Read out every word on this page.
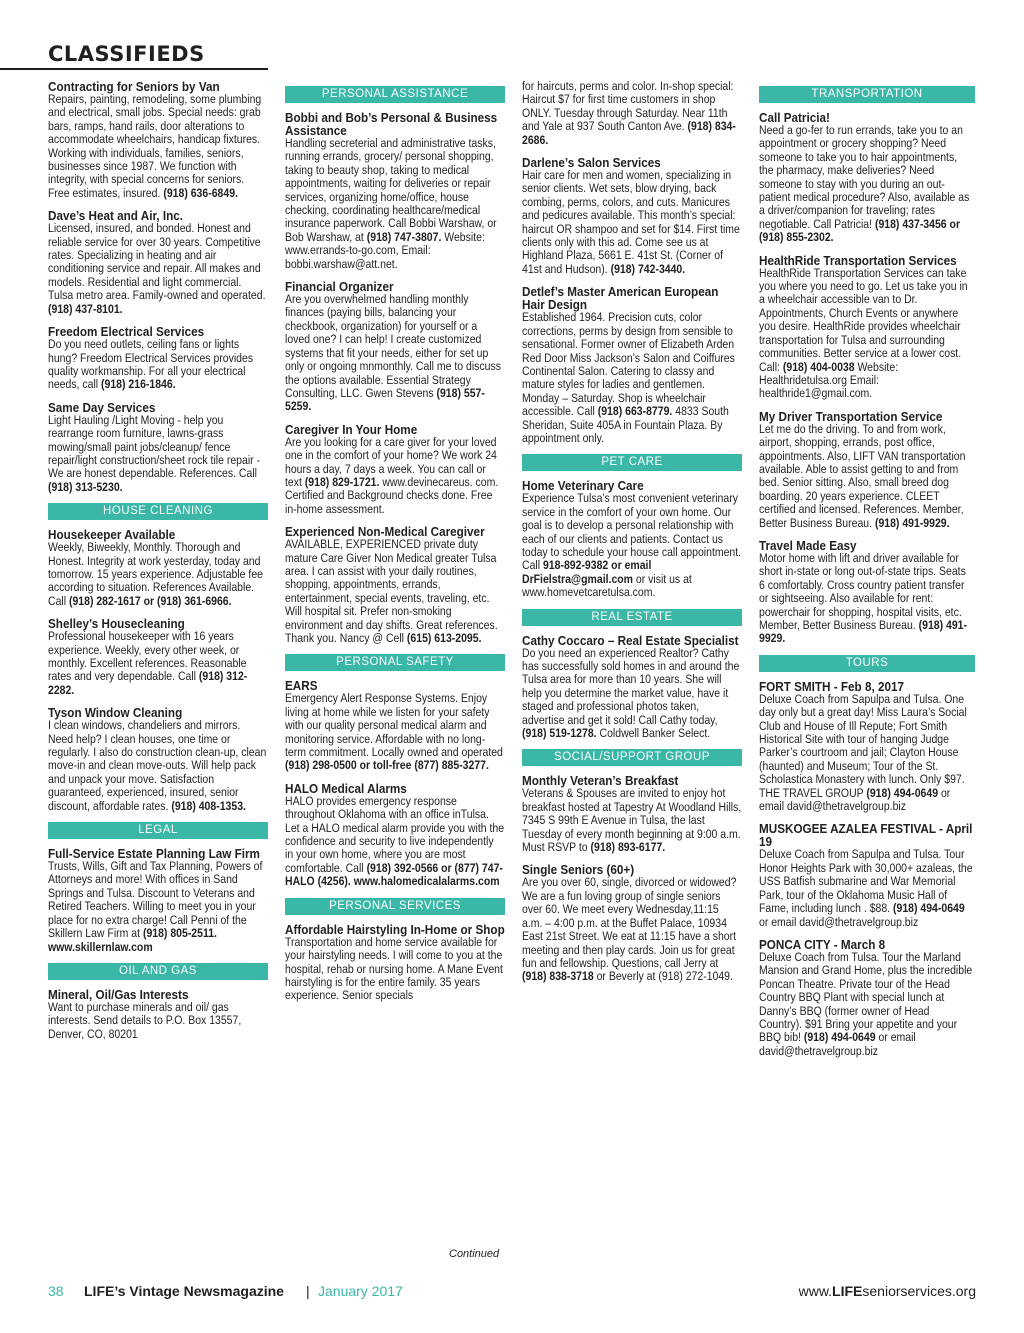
CLASSIFIEDS
Contracting for Seniors by Van
Repairs, painting, remodeling, some plumbing and electrical, small jobs. Special needs: grab bars, ramps, hand rails, door alterations to accommodate wheelchairs, handicap fixtures. Working with individuals, families, seniors, businesses since 1987. We function with integrity, with special concerns for seniors. Free estimates, insured. (918) 636-6849.
Dave’s Heat and Air, Inc.
Licensed, insured, and bonded. Honest and reliable service for over 30 years. Competitive rates. Specializing in heating and air conditioning service and repair. All makes and models. Residential and light commercial. Tulsa metro area. Family-owned and operated. (918) 437-8101.
Freedom Electrical Services
Do you need outlets, ceiling fans or lights hung? Freedom Electrical Services provides quality workmanship. For all your electrical needs, call (918) 216-1846.
Same Day Services
Light Hauling /Light Moving - help you rearrange room furniture, lawns-grass mowing/small paint jobs/cleanup/ fence repair/light construction/sheet rock tile repair - We are honest dependable. References. Call (918) 313-5230.
HOUSE CLEANING
Housekeeper Available
Weekly, Biweekly, Monthly. Thorough and Honest. Integrity at work yesterday, today and tomorrow. 15 years experience. Adjustable fee according to situation. References Available. Call (918) 282-1617 or (918) 361-6966.
Shelley’s Housecleaning
Professional housekeeper with 16 years experience. Weekly, every other week, or monthly. Excellent references. Reasonable rates and very dependable. Call (918) 312-2282.
Tyson Window Cleaning
I clean windows, chandeliers and mirrors. Need help? I clean houses, one time or regularly. I also do construction clean-up, clean move-in and clean move-outs. Will help pack and unpack your move. Satisfaction guaranteed, experienced, insured, senior discount, affordable rates. (918) 408-1353.
LEGAL
Full-Service Estate Planning Law Firm
Trusts, Wills, Gift and Tax Planning, Powers of Attorneys and more! With offices in Sand Springs and Tulsa. Discount to Veterans and Retired Teachers. Willing to meet you in your place for no extra charge! Call Penni of the Skillern Law Firm at (918) 805-2511. www.skillernlaw.com
OIL AND GAS
Mineral, Oil/Gas Interests
Want to purchase minerals and oil/ gas interests. Send details to P.O. Box 13557, Denver, CO, 80201
PERSONAL ASSISTANCE
Bobbi and Bob’s Personal & Business Assistance
Handling secreterial and administrative tasks, running errands, grocery/ personal shopping, taking to beauty shop, taking to medical appointments, waiting for deliveries or repair services, organizing home/office, house checking, coordinating healthcare/medical insurance paperwork. Call Bobbi Warshaw, or Bob Warshaw, at (918) 747-3807. Website: www.errands-to-go.com, Email: bobbi.warshaw@att.net.
Financial Organizer
Are you overwhelmed handling monthly finances (paying bills, balancing your checkbook, organization) for yourself or a loved one? I can help! I create customized systems that fit your needs, either for set up only or ongoing mnmonthly. Call me to discuss the options available. Essential Strategy Consulting, LLC. Gwen Stevens (918) 557-5259.
Caregiver In Your Home
Are you looking for a care giver for your loved one in the comfort of your home? We work 24 hours a day, 7 days a week. You can call or text (918) 829-1721. www.devinecareus. com. Certified and Background checks done. Free in-home assessment.
Experienced Non-Medical Caregiver
AVAILABLE, EXPERIENCED private duty mature Care Giver Non Medical greater Tulsa area. I can assist with your daily routines, shopping, appointments, errands, entertainment, special events, traveling, etc. Will hospital sit. Prefer non-smoking environment and day shifts. Great references. Thank you. Nancy @ Cell (615) 613-2095.
PERSONAL SAFETY
EARS
Emergency Alert Response Systems. Enjoy living at home while we listen for your safety with our quality personal medical alarm and monitoring service. Affordable with no long-term commitment. Locally owned and operated (918) 298-0500 or toll-free (877) 885-3277.
HALO Medical Alarms
HALO provides emergency response throughout Oklahoma with an office inTulsa. Let a HALO medical alarm provide you with the confidence and security to live independently in your own home, where you are most comfortable. Call (918) 392-0566 or (877) 747-HALO (4256). www.halomedicalalarms.com
PERSONAL SERVICES
Affordable Hairstyling In-Home or Shop
Transportation and home service available for your hairstyling needs. I will come to you at the hospital, rehab or nursing home. A Mane Event hairstyling is for the entire family. 35 years experience. Senior specials
for haircuts, perms and color. In-shop special: Haircut $7 for first time customers in shop ONLY. Tuesday through Saturday. Near 11th and Yale at 937 South Canton Ave. (918) 834-2686.
Darlene’s Salon Services
Hair care for men and women, specializing in senior clients. Wet sets, blow drying, back combing, perms, colors, and cuts. Manicures and pedicures available. This month’s special: haircut OR shampoo and set for $14. First time clients only with this ad. Come see us at Highland Plaza, 5661 E. 41st St. (Corner of 41st and Hudson). (918) 742-3440.
Detlef’s Master American European Hair Design
Established 1964. Precision cuts, color corrections, perms by design from sensible to sensational. Former owner of Elizabeth Arden Red Door Miss Jackson’s Salon and Coiffures Continental Salon. Catering to classy and mature styles for ladies and gentlemen. Monday – Saturday. Shop is wheelchair accessible. Call (918) 663-8779. 4833 South Sheridan, Suite 405A in Fountain Plaza. By appointment only.
PET CARE
Home Veterinary Care
Experience Tulsa’s most convenient veterinary service in the comfort of your own home. Our goal is to develop a personal relationship with each of our clients and patients. Contact us today to schedule your house call appointment. Call 918-892-9382 or email DrFielstra@gmail.com or visit us at www.homevetcaretulsa.com.
REAL ESTATE
Cathy Coccaro – Real Estate Specialist
Do you need an experienced Realtor? Cathy has successfully sold homes in and around the Tulsa area for more than 10 years. She will help you determine the market value, have it staged and professional photos taken, advertise and get it sold! Call Cathy today, (918) 519-1278. Coldwell Banker Select.
SOCIAL/SUPPORT GROUP
Monthly Veteran’s Breakfast
Veterans & Spouses are invited to enjoy hot breakfast hosted at Tapestry At Woodland Hills, 7345 S 99th E Avenue in Tulsa, the last Tuesday of every month beginning at 9:00 a.m. Must RSVP to (918) 893-6177.
Single Seniors (60+)
Are you over 60, single, divorced or widowed? We are a fun loving group of single seniors over 60. We meet every Wednesday,11:15 a.m. – 4:00 p.m. at the Buffet Palace, 10934 East 21st Street. We eat at 11:15 have a short meeting and then play cards. Join us for great fun and fellowship. Questions, call Jerry at (918) 838-3718 or Beverly at (918) 272-1049.
TRANSPORTATION
Call Patricia!
Need a go-fer to run errands, take you to an appointment or grocery shopping? Need someone to take you to hair appointments, the pharmacy, make deliveries? Need someone to stay with you during an out-patient medical procedure? Also, available as a driver/companion for traveling; rates negotiable. Call Patricia! (918) 437-3456 or (918) 855-2302.
HealthRide Transportation Services
HealthRide Transportation Services can take you where you need to go. Let us take you in a wheelchair accessible van to Dr. Appointments, Church Events or anywhere you desire. HealthRide provides wheelchair transportation for Tulsa and surrounding communities. Better service at a lower cost. Call: (918) 404-0038 Website: Healthridetulsa.org Email: healthride1@gmail.com.
My Driver Transportation Service
Let me do the driving. To and from work, airport, shopping, errands, post office, appointments. Also, LIFT VAN transportation available. Able to assist getting to and from bed. Senior sitting. Also, small breed dog boarding. 20 years experience. CLEET certified and licensed. References. Member, Better Business Bureau. (918) 491-9929.
Travel Made Easy
Motor home with lift and driver available for short in-state or long out-of-state trips. Seats 6 comfortably. Cross country patient transfer or sightseeing. Also available for rent: powerchair for shopping, hospital visits, etc. Member, Better Business Bureau. (918) 491-9929.
TOURS
FORT SMITH - Feb 8, 2017
Deluxe Coach from Sapulpa and Tulsa. One day only but a great day! Miss Laura’s Social Club and House of Ill Repute; Fort Smith Historical Site with tour of hanging Judge Parker’s courtroom and jail; Clayton House (haunted) and Museum; Tour of the St. Scholastica Monastery with lunch. Only $97. THE TRAVEL GROUP (918) 494-0649 or email david@thetravelgroup.biz
MUSKOGEE AZALEA FESTIVAL - April 19
Deluxe Coach from Sapulpa and Tulsa. Tour Honor Heights Park with 30,000+ azaleas, the USS Batfish submarine and War Memorial Park, tour of the Oklahoma Music Hall of Fame, including lunch . $88. (918) 494-0649 or email david@thetravelgroup.biz
PONCA CITY - March 8
Deluxe Coach from Tulsa. Tour the Marland Mansion and Grand Home, plus the incredible Poncan Theatre. Private tour of the Head Country BBQ Plant with special lunch at Danny’s BBQ (former owner of Head Country). $91 Bring your appetite and your BBQ bib! (918) 494-0649 or email david@thetravelgroup.biz
Continued
38 LIFE’s Vintage Newsmagazine | January 2017	www.LIFEseniorservices.org
